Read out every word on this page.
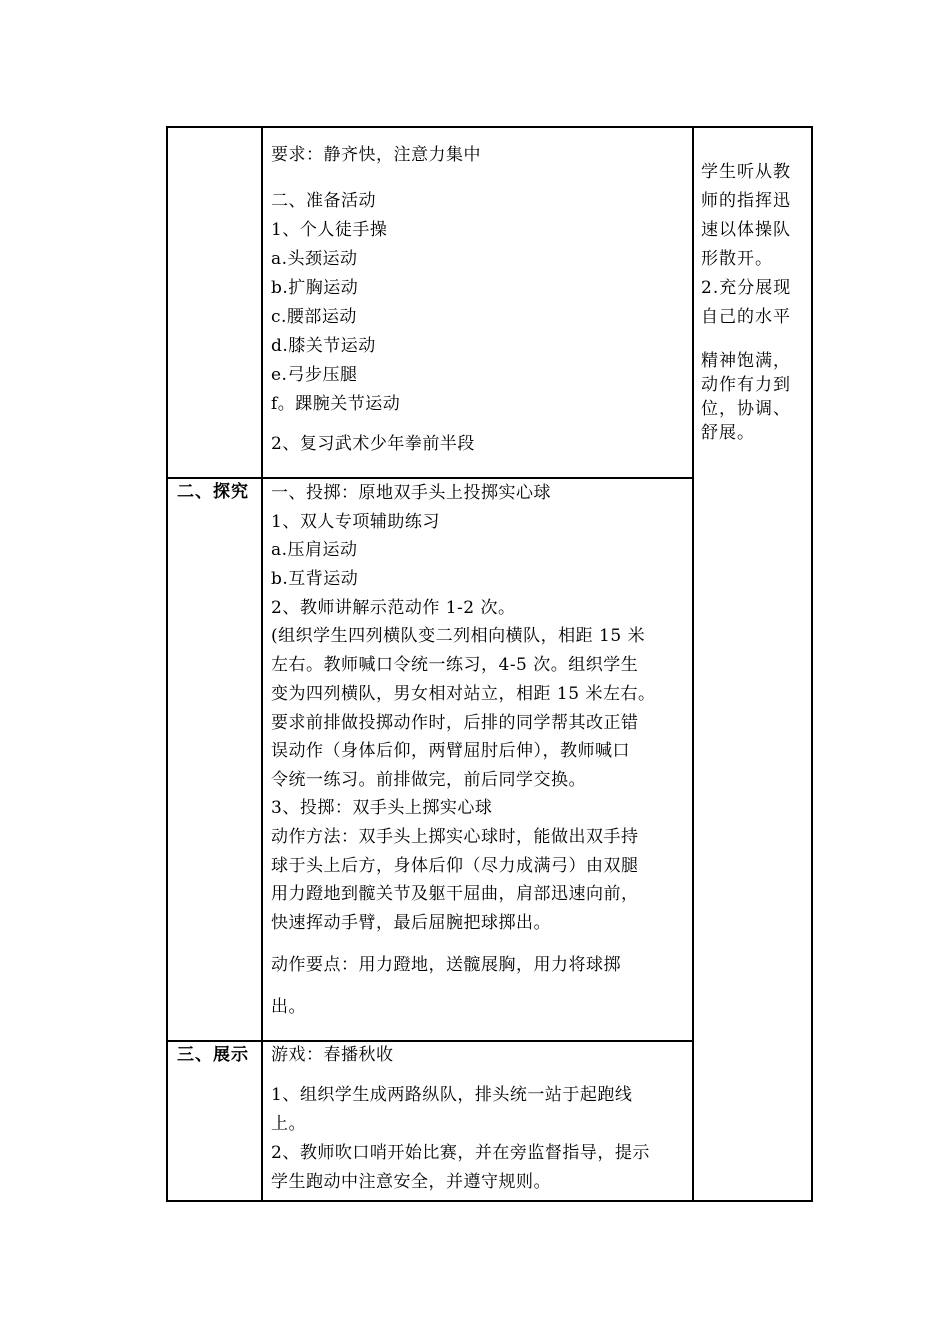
二、探究
三、展示
要求：静齐快，注意力集中
二、准备活动
1、个人徒手操
a.头颈运动
b.扩胸运动
c.腰部运动
d.膝关节运动
e.弓步压腿
f。踝腕关节运动
2、复习武术少年拳前半段
一、投掷：原地双手头上投掷实心球
1、双人专项辅助练习
a.压肩运动
b.互背运动
2、教师讲解示范动作 1-2 次。
(组织学生四列横队变二列相向横队，相距 15 米
左右。教师喊口令统一练习，4-5 次。组织学生
变为四列横队，男女相对站立，相距 15 米左右。
要求前排做投掷动作时，后排的同学帮其改正错
误动作（身体后仰，两臂屈肘后伸），教师喊口
令统一练习。前排做完，前后同学交换。
3、投掷：双手头上掷实心球
动作方法：双手头上掷实心球时，能做出双手持
球于头上后方，身体后仰（尽力成满弓）由双腿
用力蹬地到髋关节及躯干屈曲，肩部迅速向前，
快速挥动手臂，最后屈腕把球掷出。
动作要点：用力蹬地，送髋展胸，用力将球掷
出。
游戏：春播秋收
1、组织学生成两路纵队，排头统一站于起跑线
上。
2、教师吹口哨开始比赛，并在旁监督指导，提示
学生跑动中注意安全，并遵守规则。
学生听从教
师的指挥迅
速以体操队
形散开。
2.充分展现
自己的水平
精神饱满，
动作有力到
位，协调、
舒展。
